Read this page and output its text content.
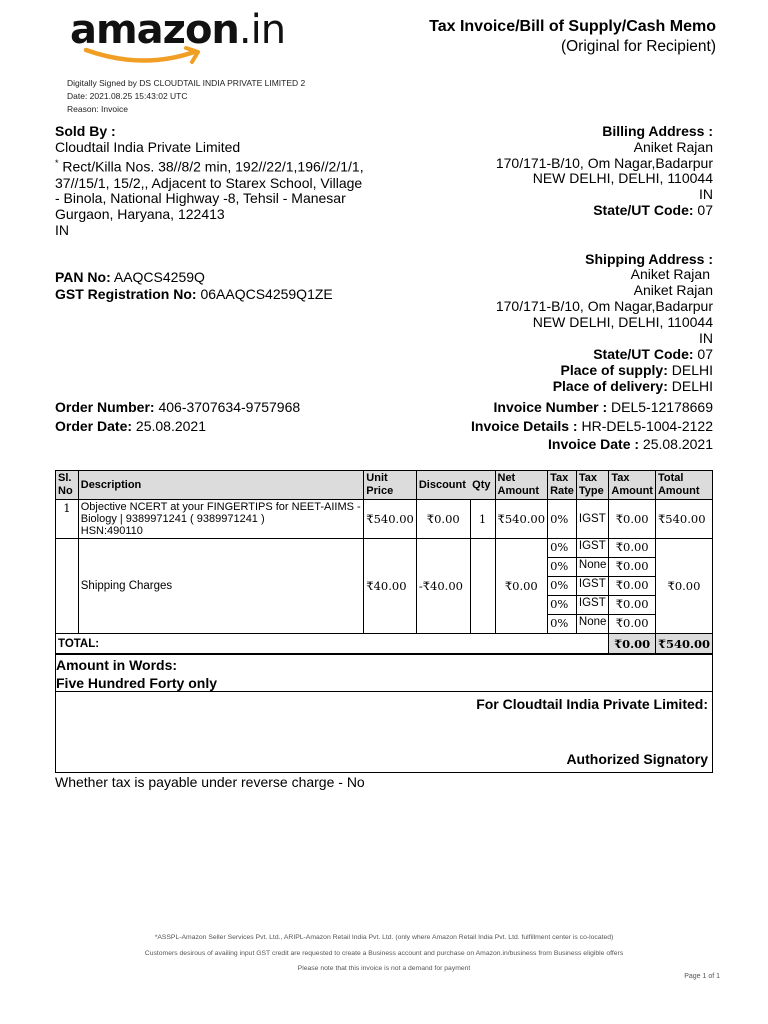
amazon.in	Tax Invoice/Bill of Supply/Cash Memo
(Original for Recipient)
Digitally Signed by DS CLOUDTAIL INDIA PRIVATE LIMITED 2
Date: 2021.08.25 15:43:02 UTC
Reason: Invoice
Sold By :
Cloudtail India Private Limited
* Rect/Killa Nos. 38//8/2 min, 192//22/1,196//2/1/1,
37//15/1, 15/2,, Adjacent to Starex School, Village
- Binola, National Highway -8, Tehsil - Manesar
Gurgaon, Haryana, 122413
IN
PAN No: AAQCS4259Q
GST Registration No: 06AAQCS4259Q1ZE
Billing Address :
Aniket Rajan
170/171-B/10, Om Nagar,Badarpur
NEW DELHI, DELHI, 110044
IN
State/UT Code: 07
Shipping Address :
Aniket Rajan
Aniket Rajan
170/171-B/10, Om Nagar,Badarpur
NEW DELHI, DELHI, 110044
IN
State/UT Code: 07
Place of supply: DELHI
Place of delivery: DELHI
Order Number: 406-3707634-9757968
Order Date: 25.08.2021
Invoice Number : DEL5-12178669
Invoice Details : HR-DEL5-1004-2122
Invoice Date : 25.08.2021
Sl. No	Description	Unit Price	Discount	Qty	Net Amount	Tax Rate	Tax Type	Tax Amount	Total Amount
1	Objective NCERT at your FINGERTIPS for NEET-AIIMS - Biology | 9389971241 ( 9389971241 )
HSN:490110	₹540.00	₹0.00	1	₹540.00	0%	IGST	₹0.00	₹540.00
	Shipping Charges	₹40.00	-₹40.00		₹0.00	0%	IGST	₹0.00	₹0.00
						0%	None	₹0.00	
						0%	IGST	₹0.00	
						0%	IGST	₹0.00	
						0%	None	₹0.00	
TOTAL:								₹0.00	₹540.00
Amount in Words:
Five Hundred Forty only
For Cloudtail India Private Limited:
Authorized Signatory
Whether tax is payable under reverse charge - No
*ASSPL-Amazon Seller Services Pvt. Ltd., ARIPL-Amazon Retail India Pvt. Ltd. (only where Amazon Retail India Pvt. Ltd. fulfillment center is co-located)
Customers desirous of availing input GST credit are requested to create a Business account and purchase on Amazon.in/business from Business eligible offers
Please note that this invoice is not a demand for payment
Page 1 of 1
